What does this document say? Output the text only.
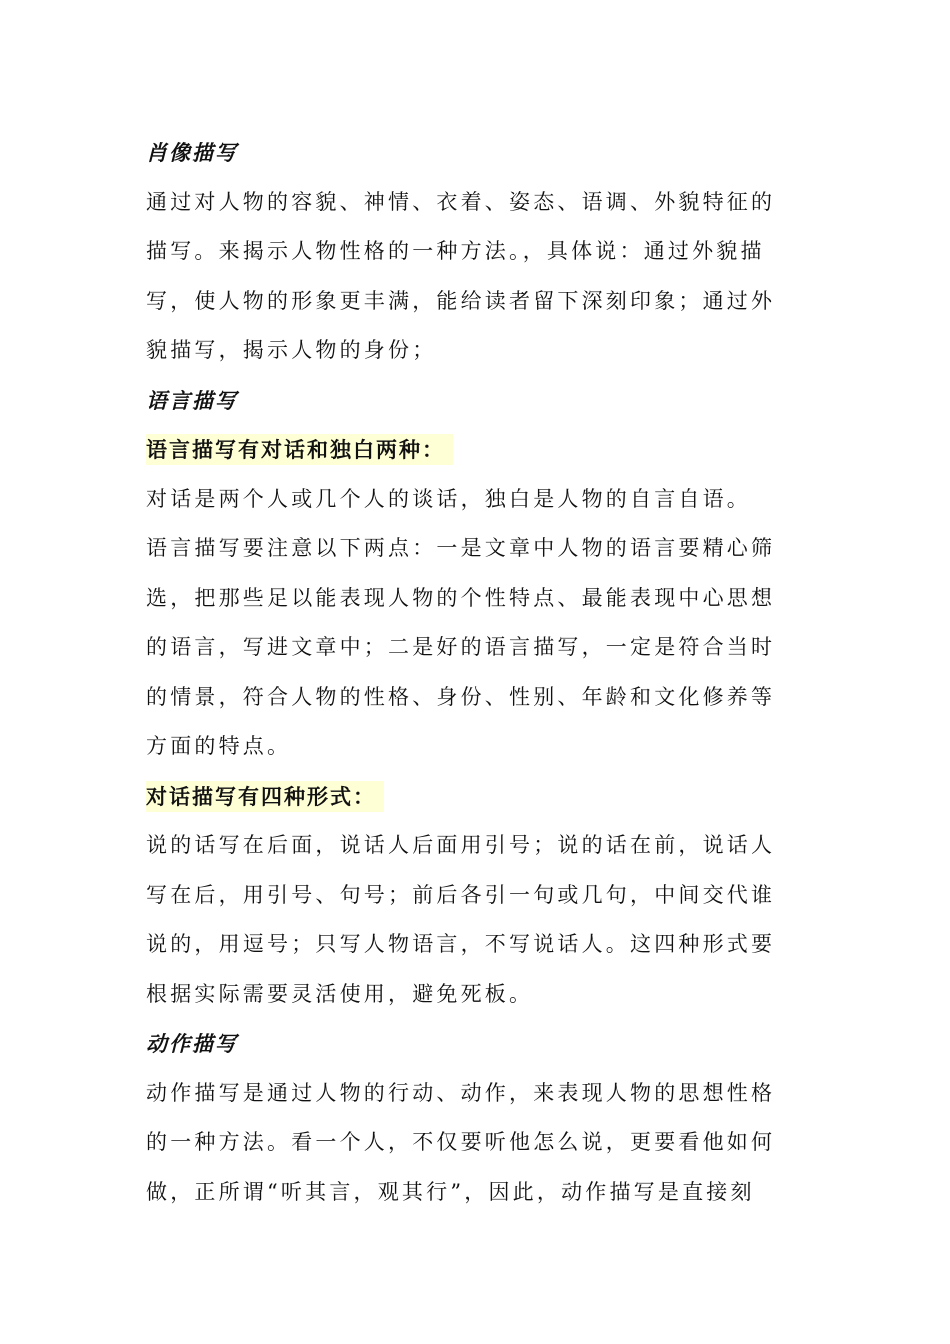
肖像描写
通过对人物的容貌、神情、衣着、姿态、语调、外貌特征的
描写。来揭示人物性格的一种方法。，具体说：通过外貌描
写，使人物的形象更丰满，能给读者留下深刻印象；通过外
貌描写，揭示人物的身份；
语言描写
语言描写有对话和独白两种：
对话是两个人或几个人的谈话，独白是人物的自言自语。
语言描写要注意以下两点：一是文章中人物的语言要精心筛
选，把那些足以能表现人物的个性特点、最能表现中心思想
的语言，写进文章中；二是好的语言描写，一定是符合当时
的情景，符合人物的性格、身份、性别、年龄和文化修养等
方面的特点。
对话描写有四种形式：
说的话写在后面，说话人后面用引号；说的话在前，说话人
写在后，用引号、句号；前后各引一句或几句，中间交代谁
说的，用逗号；只写人物语言，不写说话人。这四种形式要
根据实际需要灵活使用，避免死板。
动作描写
动作描写是通过人物的行动、动作，来表现人物的思想性格
的一种方法。看一个人，不仅要听他怎么说，更要看他如何
做，正所谓“听其言，观其行”，因此，动作描写是直接刻
